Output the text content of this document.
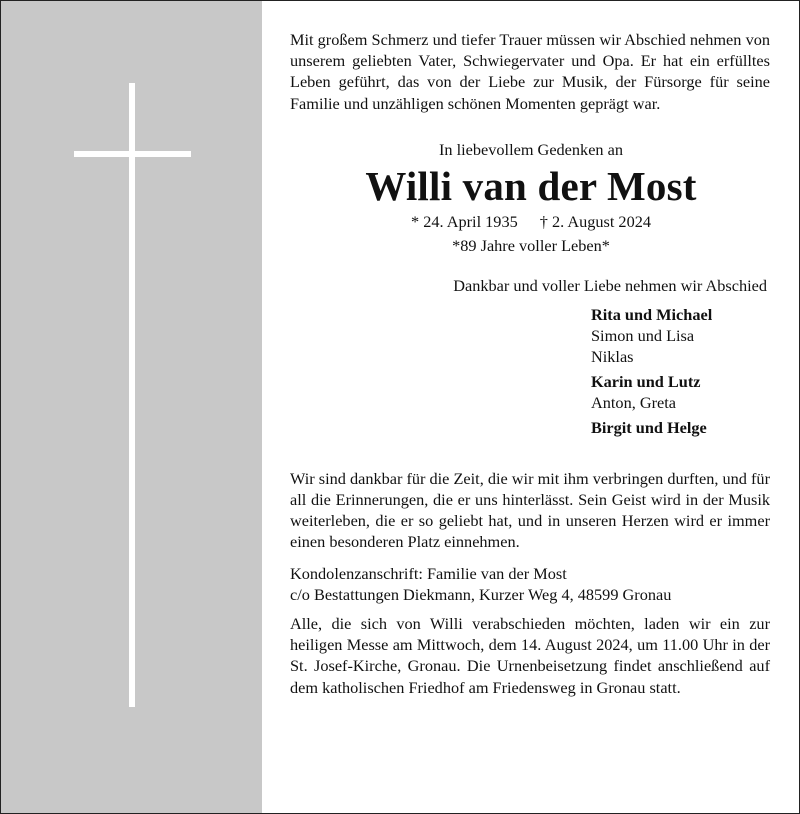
Mit großem Schmerz und tiefer Trauer müssen wir Abschied nehmen von unserem geliebten Vater, Schwiegervater und Opa. Er hat ein erfülltes Leben geführt, das von der Liebe zur Musik, der Fürsorge für seine Familie und unzähligen schönen Momenten geprägt war.

In liebevollem Gedenken an
Willi van der Most
* 24. April 1935 † 2. August 2024
*89 Jahre voller Leben*
Dankbar und voller Liebe nehmen wir Abschied
Rita und Michael
Simon und Lisa
Niklas
Karin und Lutz
Anton, Greta
Birgit und Helge

Wir sind dankbar für die Zeit, die wir mit ihm verbringen durften, und für all die Erinnerungen, die er uns hinterlässt. Sein Geist wird in der Musik weiterleben, die er so geliebt hat, und in unseren Herzen wird er immer einen besonderen Platz einnehmen.

Kondolenzanschrift: Familie van der Most
c/o Bestattungen Diekmann, Kurzer Weg 4, 48599 Gronau

Alle, die sich von Willi verabschieden möchten, laden wir ein zur heiligen Messe am Mittwoch, dem 14. August 2024, um 11.00 Uhr in der St. Josef-Kirche, Gronau. Die Urnenbeisetzung findet anschließend auf dem katholischen Friedhof am Friedensweg in Gronau statt.
